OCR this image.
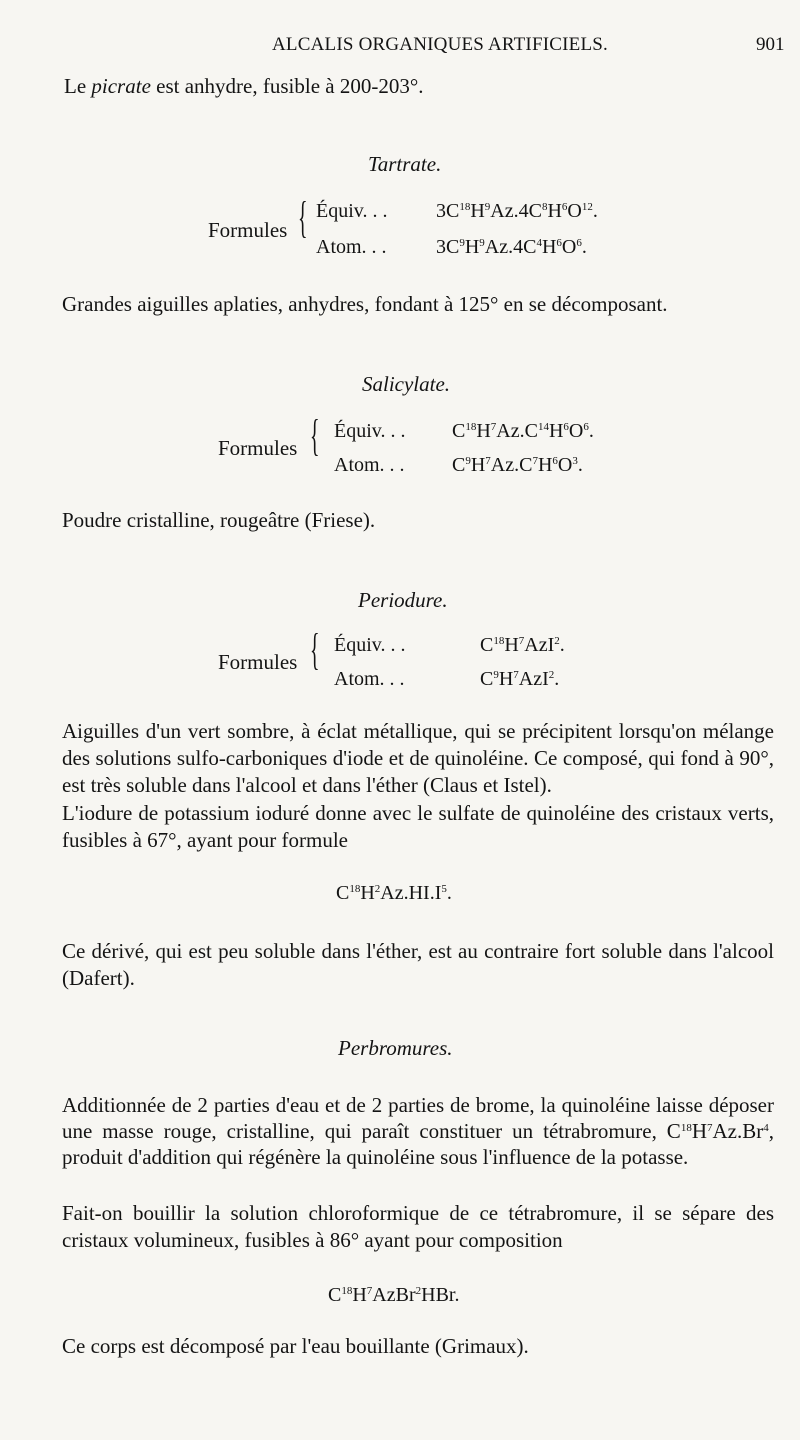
ALCALIS ORGANIQUES ARTIFICIELS.	901
Le picrate est anhydre, fusible à 200-203°.
Tartrate.
Formules { Équiv. . . $3C^{18}H^9Az.4C^8H^6O^{12}$.
Atom. . . $3C^9H^9Az.4C^4H^6O^6$.
Grandes aiguilles aplaties, anhydres, fondant à 125° en se décomposant.
Salicylate.
Formules { Équiv. . . $C^{18}H^7Az.C^{14}H^6O^6$.
Atom. . . $C^9H^7Az.C^7H^6O^3$.
Poudre cristalline, rougeâtre (Friese).
Periodure.
Formules { Équiv. . .	$C^{18}H^7AzI^2$.
Atom. . .	$C^9H^7AzI^2$.
Aiguilles d'un vert sombre, à éclat métallique, qui se précipitent lorsqu'on mélange des solutions sulfo-carboniques d'iode et de quinoléine. Ce composé, qui fond à 90°, est très soluble dans l'alcool et dans l'éther (Claus et Istel).
L'iodure de potassium ioduré donne avec le sulfate de quinoléine des cristaux verts, fusibles à 67°, ayant pour formule
$C^{18}H^2Az.HI.I^5$.
Ce dérivé, qui est peu soluble dans l'éther, est au contraire fort soluble dans l'alcool (Dafert).
Perbromures.
Additionnée de 2 parties d'eau et de 2 parties de brome, la quinoléine laisse déposer une masse rouge, cristalline, qui paraît constituer un tétrabromure, $C^{18}H^7Az.Br^4$, produit d'addition qui régénère la quinoléine sous l'influence de la potasse.
Fait-on bouillir la solution chloroformique de ce tétrabromure, il se sépare des cristaux volumineux, fusibles à 86° ayant pour composition
$C^{18}H^7AzBr^2HBr$.
Ce corps est décomposé par l'eau bouillante (Grimaux).
